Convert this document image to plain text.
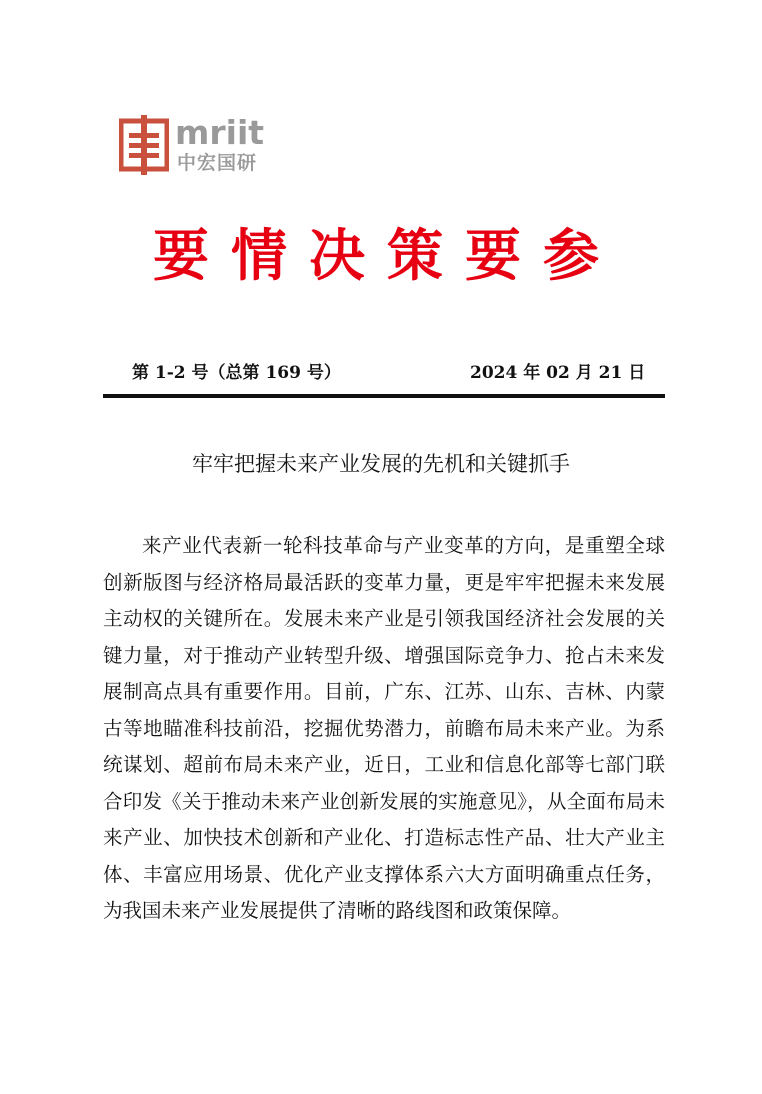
mriit
中宏国研
要情决策要参
第 1-2 号（总第 169 号）	2024 年 02 月 21 日
牢牢把握未来产业发展的先机和关键抓手

来产业代表新一轮科技革命与产业变革的方向，是重塑全球创新版图与经济格局最活跃的变革力量，更是牢牢把握未来发展主动权的关键所在。发展未来产业是引领我国经济社会发展的关键力量，对于推动产业转型升级、增强国际竞争力、抢占未来发展制高点具有重要作用。目前，广东、江苏、山东、吉林、内蒙古等地瞄准科技前沿，挖掘优势潜力，前瞻布局未来产业。为系统谋划、超前布局未来产业，近日，工业和信息化部等七部门联合印发《关于推动未来产业创新发展的实施意见》，从全面布局未来产业、加快技术创新和产业化、打造标志性产品、壮大产业主体、丰富应用场景、优化产业支撑体系六大方面明确重点任务，为我国未来产业发展提供了清晰的路线图和政策保障。
